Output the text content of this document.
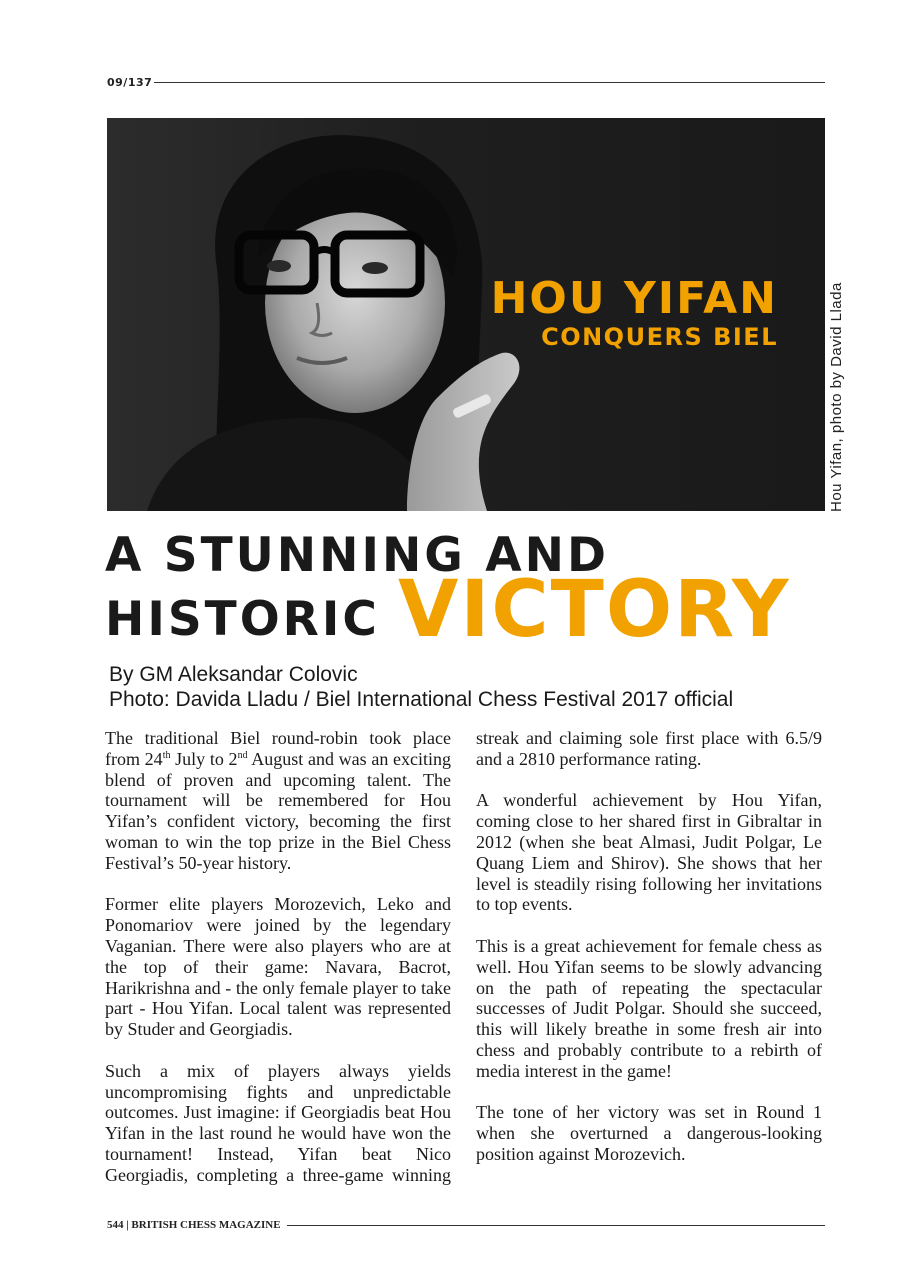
09/137
HOU YIFAN
CONQUERS BIEL	Hou Yifan, photo by David Llada
A STUNNING AND
HISTORIC VICTORY
By GM Aleksandar Colovic
Photo: Davida Lladu / Biel International Chess Festival 2017 official

The traditional Biel round-robin took place from 24th July to 2nd August and was an exciting blend of proven and upcoming talent. The tournament will be remembered for Hou Yifan’s confident victory, becoming the first woman to win the top prize in the Biel Chess Festival’s 50-year history.

Former elite players Morozevich, Leko and Ponomariov were joined by the legendary Vaganian. There were also players who are at the top of their game: Navara, Bacrot, Harikrishna and - the only female player to take part - Hou Yifan. Local talent was represented by Studer and Georgiadis.

Such a mix of players always yields uncompromising fights and unpredictable outcomes. Just imagine: if Georgiadis beat Hou Yifan in the last round he would have won the tournament! Instead, Yifan beat Nico Georgiadis, completing a three-game winning

streak and claiming sole first place with 6.5/9 and a 2810 performance rating.

A wonderful achievement by Hou Yifan, coming close to her shared first in Gibraltar in 2012 (when she beat Almasi, Judit Polgar, Le Quang Liem and Shirov). She shows that her level is steadily rising following her invitations to top events.

This is a great achievement for female chess as well. Hou Yifan seems to be slowly advancing on the path of repeating the spectacular successes of Judit Polgar. Should she succeed, this will likely breathe in some fresh air into chess and probably contribute to a rebirth of media interest in the game!

The tone of her victory was set in Round 1 when she overturned a dangerous-looking position against Morozevich.

544 | BRITISH CHESS MAGAZINE
